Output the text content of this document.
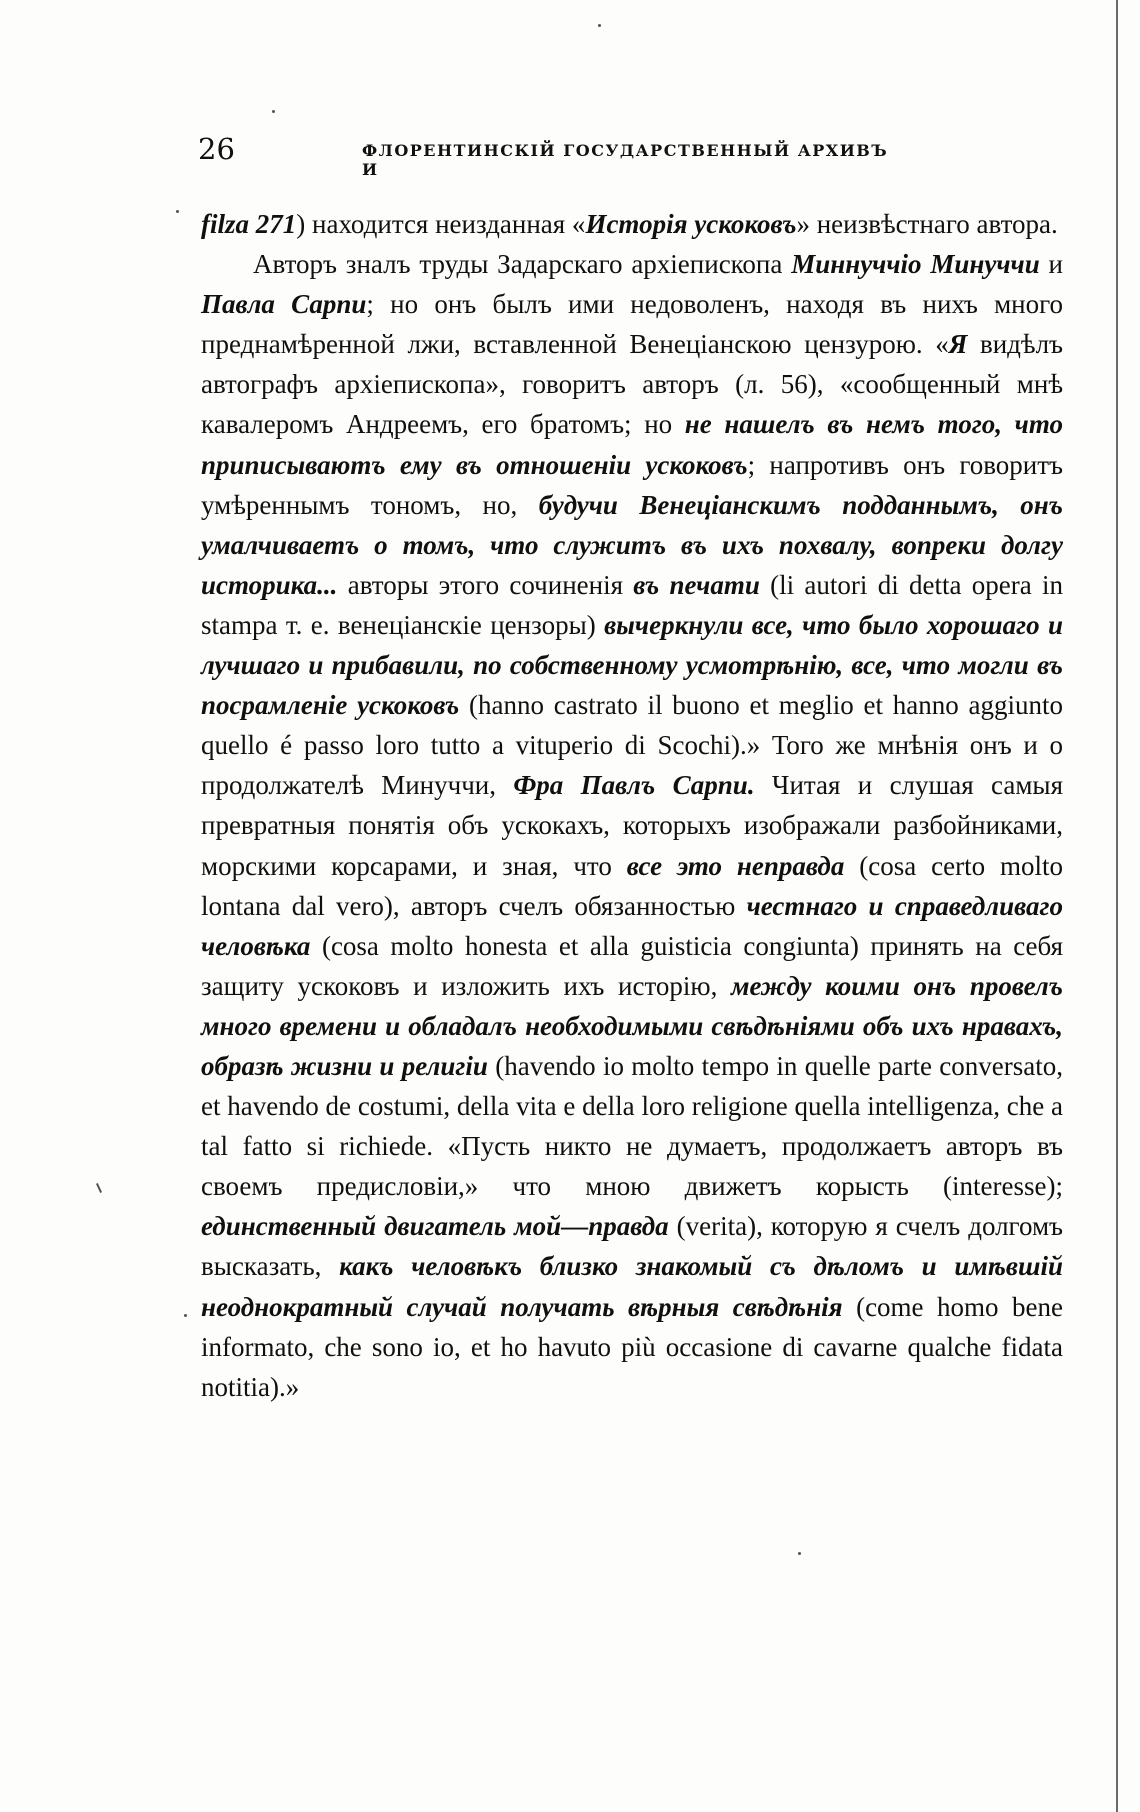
26	ФЛОРЕНТИНСКІЙ ГОСУДАРСТВЕННЫЙ АРХИВЪ И

filza 271) находится неизданная «Исторія ускоковъ» неизвѣстнаго автора.

Авторъ зналъ труды Задарскаго архіепископа Миннуччіо Минуччи и Павла Сарпи; но онъ былъ ими недоволенъ, находя въ нихъ много преднамѣренной лжи, вставленной Венеціанскою цензурою. «Я видѣлъ автографъ архіепископа», говоритъ авторъ (л. 56), «сообщенный мнѣ кавалеромъ Андреемъ, его братомъ; но не нашелъ въ немъ того, что приписываютъ ему въ отношеніи ускоковъ; напротивъ онъ говоритъ умѣреннымъ тономъ, но, будучи Венеціанскимъ подданнымъ, онъ умалчиваетъ о томъ, что служитъ въ ихъ похвалу, вопреки долгу историка... авторы этого сочиненія въ печати (li autori di detta opera in stampa т. е. венеціанскіе цензоры) вычеркнули все, что было хорошаго и лучшаго и прибавили, по собственному усмотрѣнію, все, что могли въ посрамленіе ускоковъ (hanno castrato il buono et meglio et hanno aggiunto quello é passo loro tutto a vituperio di Scochi).» Того же мнѣнія онъ и о продолжателѣ Минуччи, Фра Павлъ Сарпи. Читая и слушая самыя превратныя понятія объ ускокахъ, которыхъ изображали разбойниками, морскими корсарами, и зная, что все это неправда (cosa certo molto lontana dal vero), авторъ счелъ обязанностью честнаго и справедливаго человѣка (cosa molto honesta et alla guisticia congiunta) принять на себя защиту ускоковъ и изложить ихъ исторію, между коими онъ провелъ много времени и обладалъ необходимыми свѣдѣніями объ ихъ нравахъ, образѣ жизни и религіи (havendo io molto tempo in quelle parte conversato, et havendo de costumi, della vita e della loro religione quella intelligenza, che a tal fatto si richiede. «Пусть никто не думаетъ, продолжаетъ авторъ въ своемъ предисловіи,» что мною движетъ корысть (interesse); единственный двигатель мой—правда (verita), которую я счелъ долгомъ высказать, какъ человѣкъ близко знакомый съ дѣломъ и имѣвшій неоднократный случай получать вѣрныя свѣдѣнія (come homo bene informato, che sono io, et ho havuto più occasione di cavarne qualche fidata notitia).»
